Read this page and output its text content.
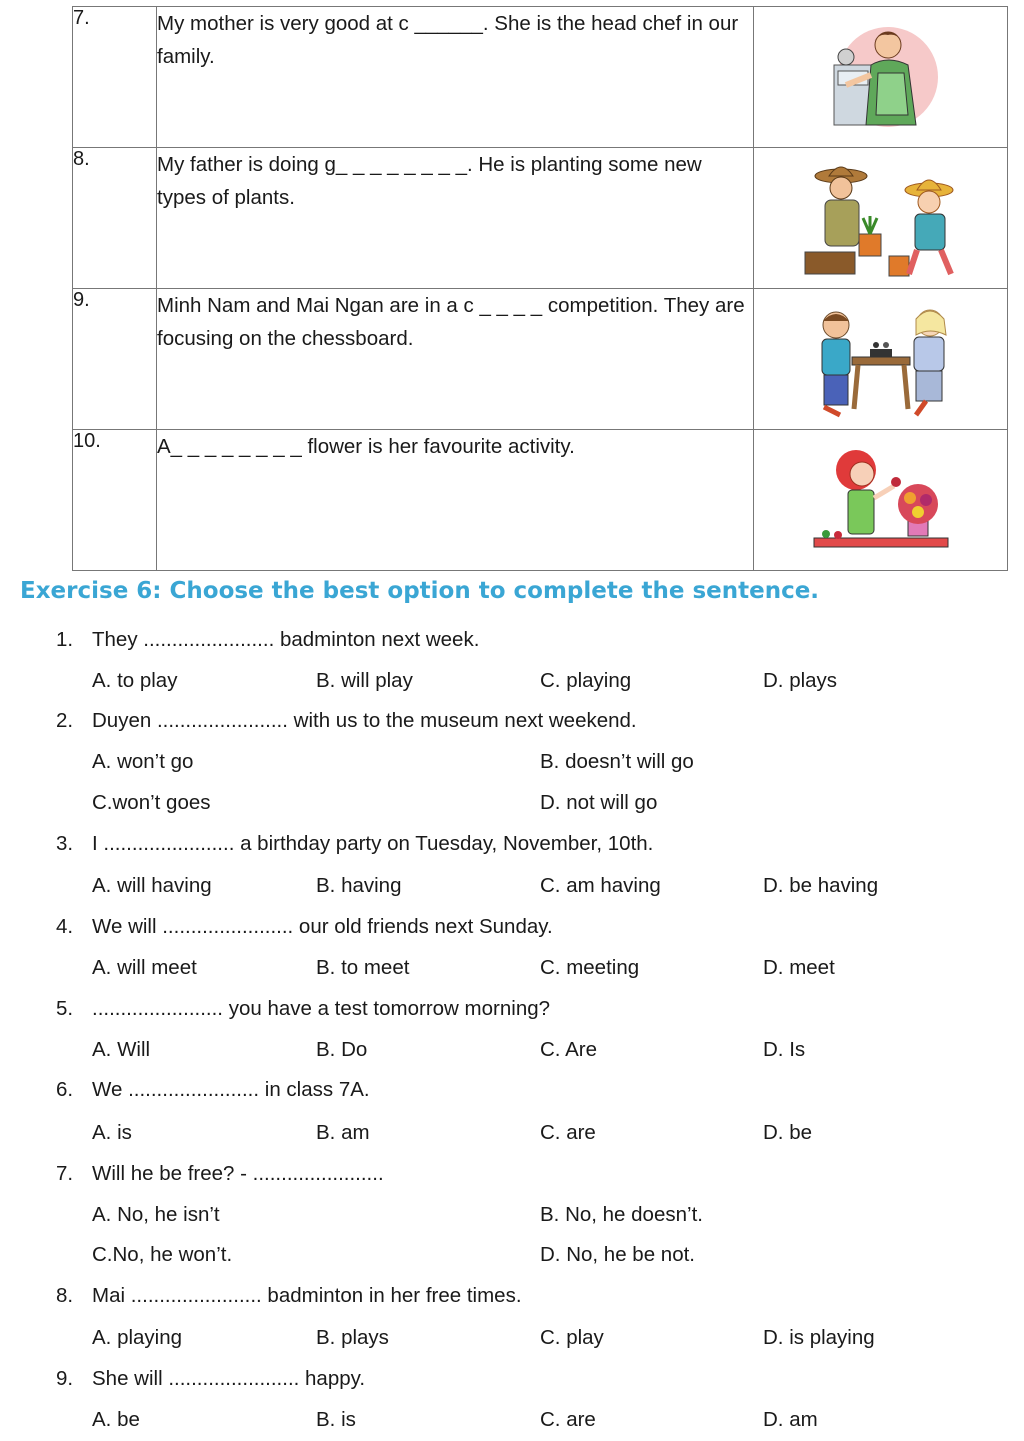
7.	My mother is very good at c ______. She is the head chef in our family.	

8.	My father is doing g_ _ _ _ _ _ _ _. He is planting some new types of plants.	

9.	Minh Nam and Mai Ngan are in a c _ _ _ _ competition. They are focusing on the chessboard.	

10.	A_ _ _ _ _ _ _ _ flower is her favourite activity.	
Exercise 6: Choose the best option to complete the sentence.
1. They ....................... badminton next week.
A. to play	B. will play	C. playing	D. plays
2. Duyen ....................... with us to the museum next weekend.
A. won’t go	B. doesn’t will go
C.won’t goes	D. not will go
3. I ....................... a birthday party on Tuesday, November, 10th.
A. will having	B. having	C. am having	D. be having
4. We will ....................... our old friends next Sunday.
A. will meet	B. to meet	C. meeting	D. meet
5. ....................... you have a test tomorrow morning?
A. Will	B. Do	C. Are	D. Is
6. We ....................... in class 7A.
A. is	B. am	C. are	D. be
7. Will he be free? - .......................
A. No, he isn’t	B. No, he doesn’t.
C.No, he won’t.	D. No, he be not.
8. Mai ....................... badminton in her free times.
A. playing	B. plays	C. play	D. is playing
9. She will ....................... happy.
A. be	B. is	C. are	D. am
